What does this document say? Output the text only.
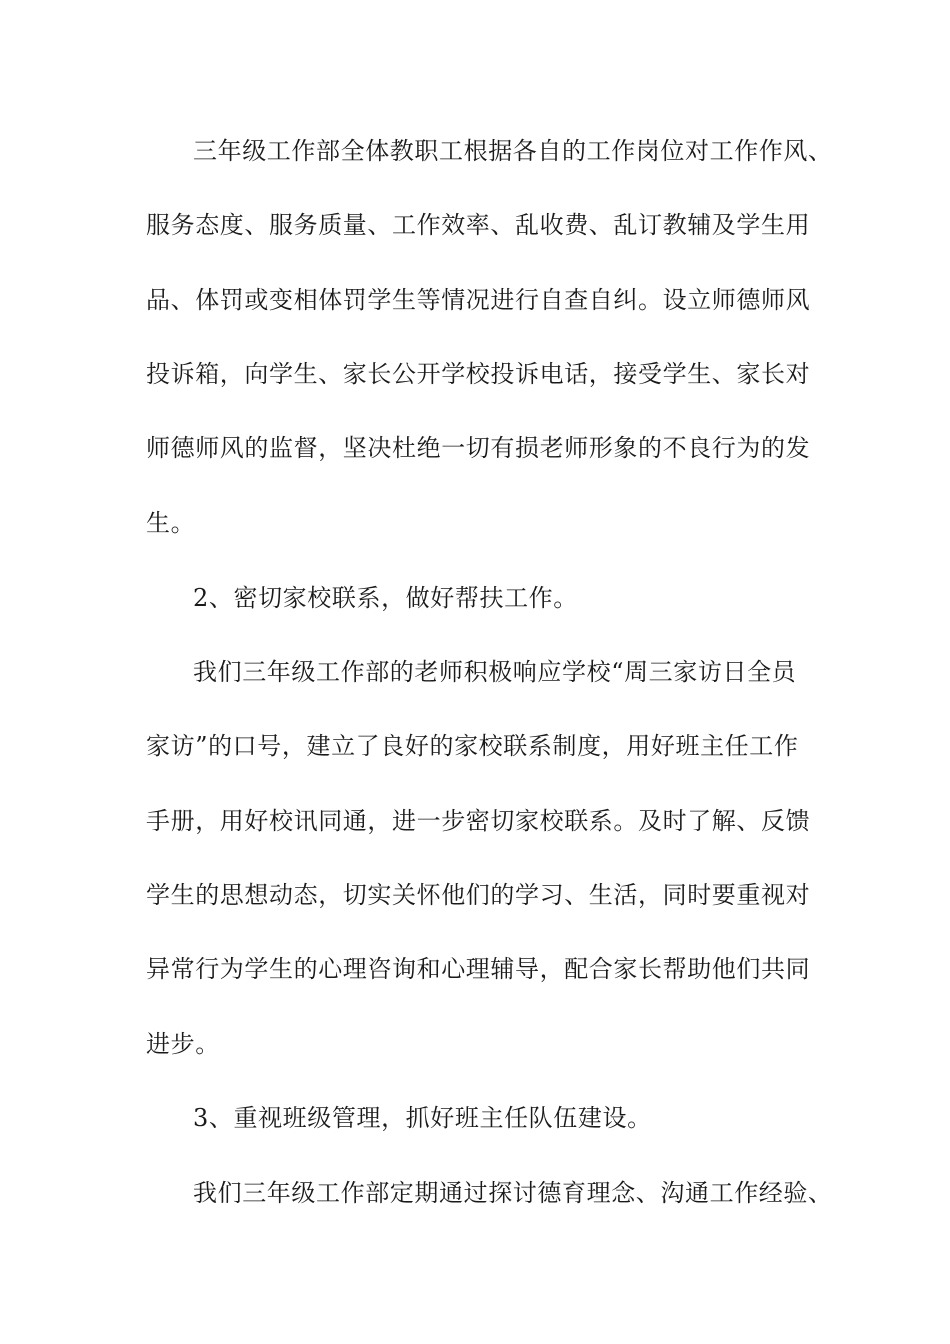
三年级工作部全体教职工根据各自的工作岗位对工作作风、
服务态度、服务质量、工作效率、乱收费、乱订教辅及学生用
品、体罚或变相体罚学生等情况进行自查自纠。设立师德师风
投诉箱，向学生、家长公开学校投诉电话，接受学生、家长对
师德师风的监督，坚决杜绝一切有损老师形象的不良行为的发
生。
2、密切家校联系，做好帮扶工作。
我们三年级工作部的老师积极响应学校“周三家访日全员
家访”的口号，建立了良好的家校联系制度，用好班主任工作
手册，用好校讯同通，进一步密切家校联系。及时了解、反馈
学生的思想动态，切实关怀他们的学习、生活，同时要重视对
异常行为学生的心理咨询和心理辅导，配合家长帮助他们共同
进步。
3、重视班级管理，抓好班主任队伍建设。
我们三年级工作部定期通过探讨德育理念、沟通工作经验、
